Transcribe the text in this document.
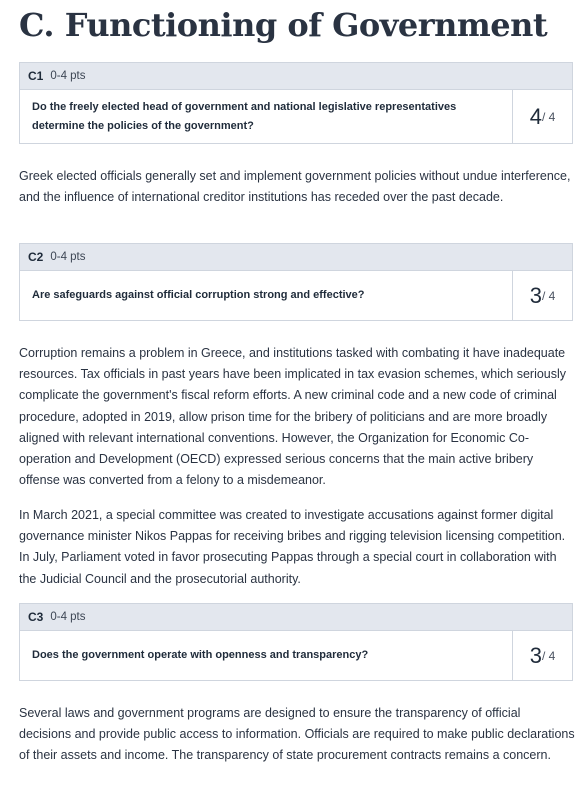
C. Functioning of Government
C1 0-4 pts
Do the freely elected head of government and national legislative representatives determine the policies of the government?	4 / 4

Greek elected officials generally set and implement government policies without undue interference, and the influence of international creditor institutions has receded over the past decade.

C2 0-4 pts
Are safeguards against official corruption strong and effective?	3 / 4

Corruption remains a problem in Greece, and institutions tasked with combating it have inadequate resources. Tax officials in past years have been implicated in tax evasion schemes, which seriously complicate the government's fiscal reform efforts. A new criminal code and a new code of criminal procedure, adopted in 2019, allow prison time for the bribery of politicians and are more broadly aligned with relevant international conventions. However, the Organization for Economic Co-operation and Development (OECD) expressed serious concerns that the main active bribery offense was converted from a felony to a misdemeanor.

In March 2021, a special committee was created to investigate accusations against former digital governance minister Nikos Pappas for receiving bribes and rigging television licensing competition. In July, Parliament voted in favor prosecuting Pappas through a special court in collaboration with the Judicial Council and the prosecutorial authority.

C3 0-4 pts
Does the government operate with openness and transparency?	3 / 4

Several laws and government programs are designed to ensure the transparency of official decisions and provide public access to information. Officials are required to make public declarations of their assets and income. The transparency of state procurement contracts remains a concern.
